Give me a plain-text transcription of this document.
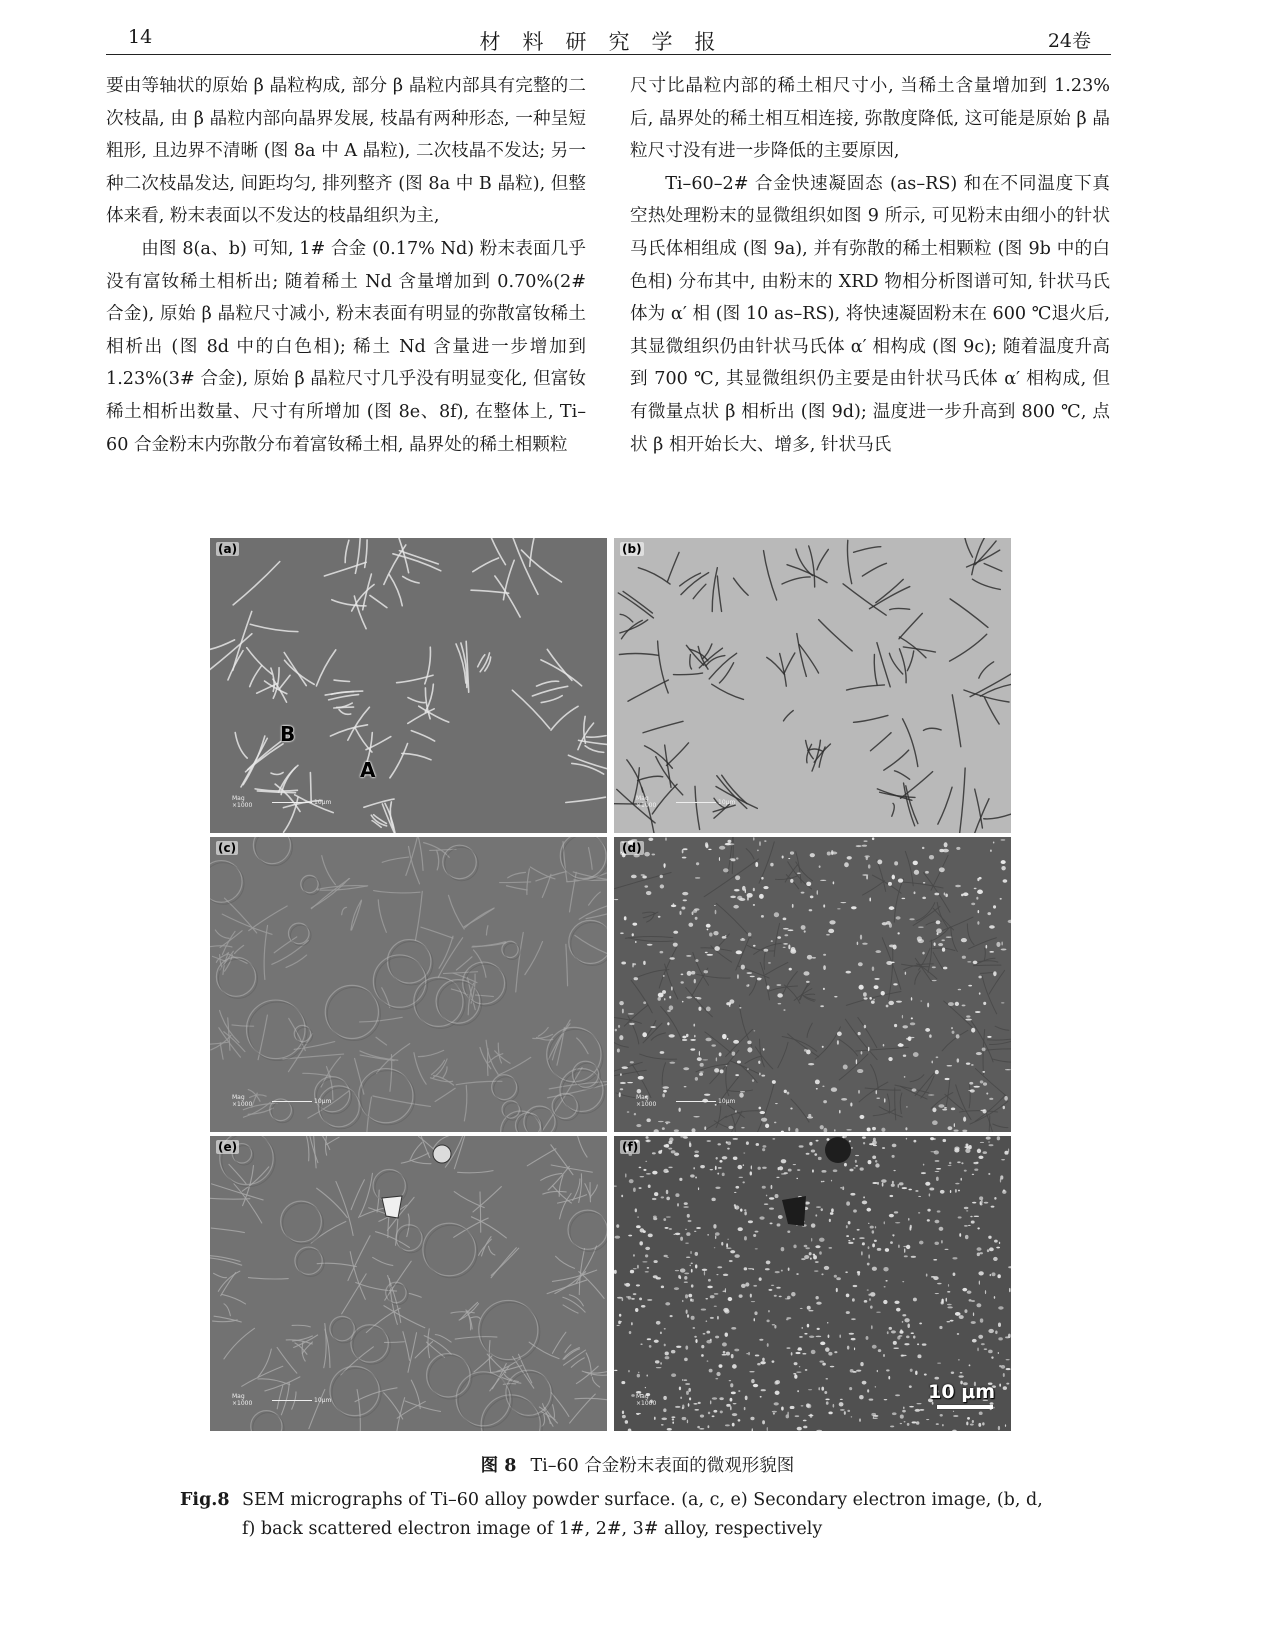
14	材料研究学报	24卷

要由等轴状的原始 β 晶粒构成, 部分 β 晶粒内部具有完整的二次枝晶, 由 β 晶粒内部向晶界发展, 枝晶有两种形态, 一种呈短粗形, 且边界不清晰 (图 8a 中 A 晶粒), 二次枝晶不发达; 另一种二次枝晶发达, 间距均匀, 排列整齐 (图 8a 中 B 晶粒), 但整体来看, 粉末表面以不发达的枝晶组织为主,

由图 8(a、b) 可知, 1# 合金 (0.17% Nd) 粉末表面几乎没有富钕稀土相析出; 随着稀土 Nd 含量增加到 0.70%(2# 合金), 原始 β 晶粒尺寸减小, 粉末表面有明显的弥散富钕稀土相析出 (图 8d 中的白色相); 稀土 Nd 含量进一步增加到 1.23%(3# 合金), 原始 β 晶粒尺寸几乎没有明显变化, 但富钕稀土相析出数量、尺寸有所增加 (图 8e、8f), 在整体上, Ti–60 合金粉末内弥散分布着富钕稀土相, 晶界处的稀土相颗粒

尺寸比晶粒内部的稀土相尺寸小, 当稀土含量增加到 1.23% 后, 晶界处的稀土相互相连接, 弥散度降低, 这可能是原始 β 晶粒尺寸没有进一步降低的主要原因,

Ti–60–2# 合金快速凝固态 (as–RS) 和在不同温度下真空热处理粉末的显微组织如图 9 所示, 可见粉末由细小的针状马氏体相组成 (图 9a), 并有弥散的稀土相颗粒 (图 9b 中的白色相) 分布其中, 由粉末的 XRD 物相分析图谱可知, 针状马氏体为 α′ 相 (图 10 as–RS), 将快速凝固粉末在 600 ℃退火后, 其显微组织仍由针状马氏体 α′ 相构成 (图 9c); 随着温度升高到 700 ℃, 其显微组织仍主要是由针状马氏体 α′ 相构成, 但有微量点状 β 相析出 (图 9d); 温度进一步升高到 800 ℃, 点状 β 相开始长大、增多, 针状马氏

(a)
B
A
Mag
×1000	10μm
(b)
Mag
×1000	10μm
(c)
Mag
×1000	10μm
(d)
Mag
×1000	10μm
(e)
Mag
×1000	10μm
(f)
Mag
×1000
10 μm
图 8 Ti–60 合金粉末表面的微观形貌图
Fig.8 SEM micrographs of Ti–60 alloy powder surface. (a, c, e) Secondary electron image, (b, d, f) back scattered electron image of 1#, 2#, 3# alloy, respectively
